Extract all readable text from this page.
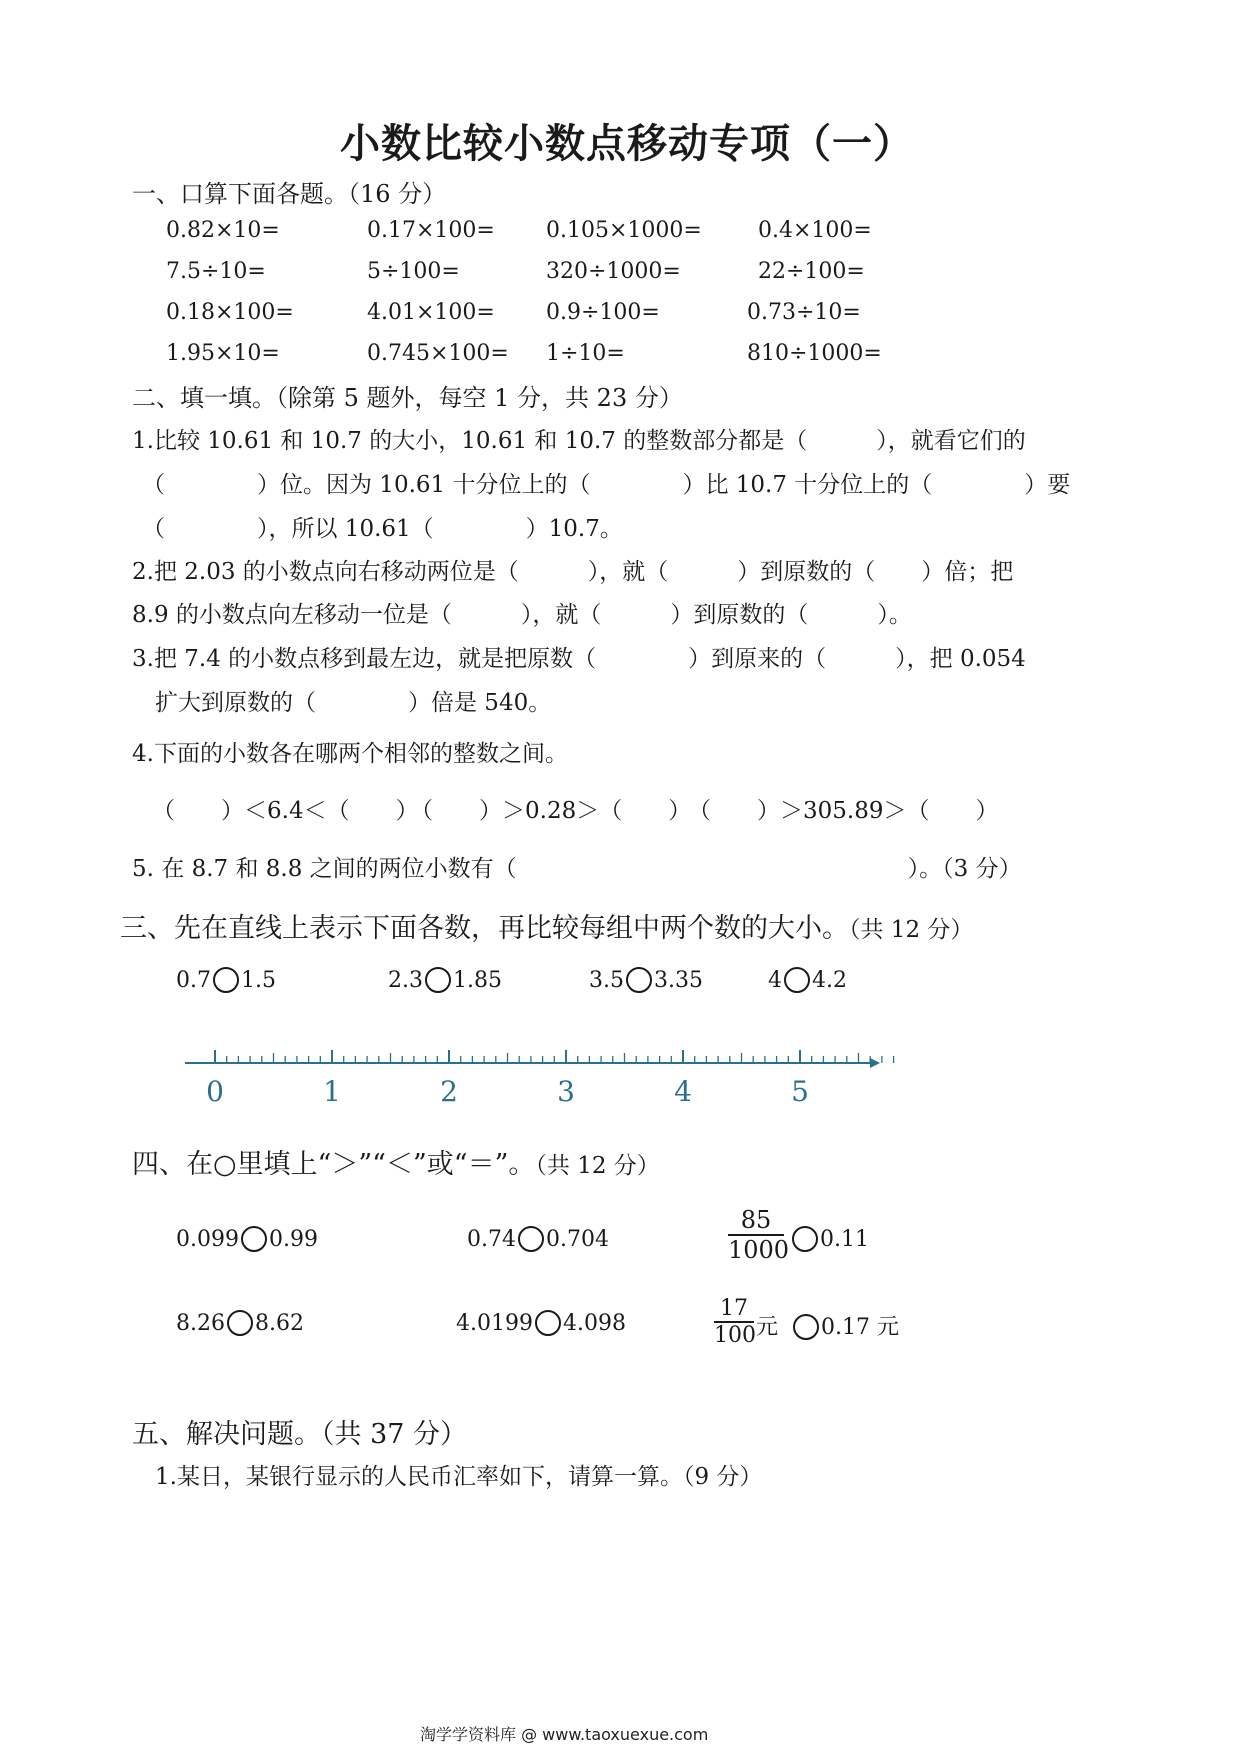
小数比较小数点移动专项（一）
一、口算下面各题。（16 分）
0.82×10=	0.17×100= 0.105×1000=	0.4×100=
7.5÷10=	5÷100=	320÷1000=	22÷100=
0.18×100=	4.01×100= 0.9÷100=	0.73÷10=
1.95×10=	0.745×100= 1÷10=	810÷1000=
二、填一填。（除第 5 题外，每空 1 分，共 23 分）
1.比较 10.61 和 10.7 的大小，10.61 和 10.7 的整数部分都是（　　　），就看它们的
（　　　　）位。因为 10.61 十分位上的（　　　　）比 10.7 十分位上的（　　　　）要
（　　　　），所以 10.61（　　　　）10.7。
2.把 2.03 的小数点向右移动两位是（　　　），就（　　　）到原数的（　　）倍；把
8.9 的小数点向左移动一位是（　　　），就（　　　）到原数的（　　　）。
3.把 7.4 的小数点移到最左边，就是把原数（　　　　）到原来的（　　　），把 0.054
扩大到原数的（　　　　）倍是 540。
4.下面的小数各在哪两个相邻的整数之间。
（　　）＜6.4＜（　　）
（　　）＞0.28＞（　　）
（　　）＞305.89＞（　　）
5. 在 8.7 和 8.8 之间的两位小数有（　　　　　　　　　　　　　　　　　）。（3 分）
三、先在直线上表示下面各数，再比较每组中两个数的大小。（共 12 分）
0.7 1.5	2.3 1.85	3.5 3.35	4 4.2
0	1	2	3	4	5
四、在○里填上“＞”“＜”或“＝”。（共 12 分）
0.099 0.99	0.74 0.704	$\frac{85}{1000}$	0.11
8.26 8.62	4.0199 4.098	$\frac{17}{100}$ 元 0.17 元
五、解决问题。（共 37 分）
1.某日，某银行显示的人民币汇率如下，请算一算。（9 分）
淘学学资料库 @ www.taoxuexue.com
